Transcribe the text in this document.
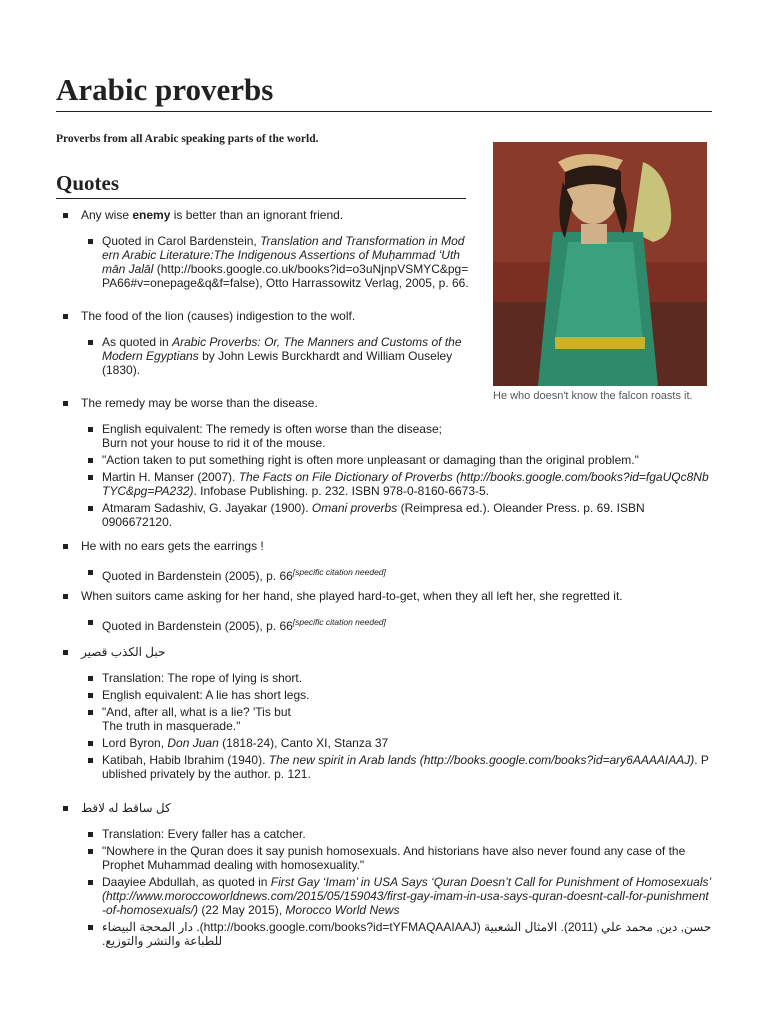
Arabic proverbs

Proverbs from all Arabic speaking parts of the world.

Quotes
He who doesn't know the falcon roasts it.
Any wise enemy is better than an ignorant friend.
Quoted in Carol Bardenstein, Translation and Transformation in Modern Arabic Literature:The Indigenous Assertions of Muḥammad ʻUthmān Jalāl (http://books.google.co.uk/books?id=o3uNjnpVSMYC&pg=PA66#v=onepage&q&f=false), Otto Harrassowitz Verlag, 2005, p. 66.
The food of the lion (causes) indigestion to the wolf.
As quoted in Arabic Proverbs: Or, The Manners and Customs of the Modern Egyptians by John Lewis Burckhardt and William Ouseley (1830).
The remedy may be worse than the disease.
English equivalent: The remedy is often worse than the disease;
Burn not your house to rid it of the mouse.
"Action taken to put something right is often more unpleasant or damaging than the original problem."
Martin H. Manser (2007). The Facts on File Dictionary of Proverbs (http://books.google.com/books?id=fgaUQc8NbTYC&pg=PA232). Infobase Publishing. p. 232. ISBN 978-0-8160-6673-5.
Atmaram Sadashiv, G. Jayakar (1900). Omani proverbs (Reimpresa ed.). Oleander Press. p. 69. ISBN 0906672120.
He with no ears gets the earrings !
Quoted in Bardenstein (2005), p. 66[specific citation needed]
When suitors came asking for her hand, she played hard-to-get, when they all left her, she regretted it.
Quoted in Bardenstein (2005), p. 66[specific citation needed]
حبل الكذب قصير
Translation: The rope of lying is short.
English equivalent: A lie has short legs.
"And, after all, what is a lie? 'Tis but
The truth in masquerade."
Lord Byron, Don Juan (1818-24), Canto XI, Stanza 37
Katibah, Habib Ibrahim (1940). The new spirit in Arab lands (http://books.google.com/books?id=ary6AAAAIAAJ). Published privately by the author. p. 121.
كل ساقط له لاقط
Translation: Every faller has a catcher.
"Nowhere in the Quran does it say punish homosexuals. And historians have also never found any case of the Prophet Muhammad dealing with homosexuality."
Daayiee Abdullah, as quoted in First Gay ‘Imam’ in USA Says ‘Quran Doesn’t Call for Punishment of Homosexuals’ (http://www.moroccoworldnews.com/2015/05/159043/first-gay-imam-in-usa-says-quran-doesnt-call-for-punishment-of-homosexuals/) (22 May 2015), Morocco World News
حسن, دين, محمد علي (2011). الامثال الشعبية (http://books.google.com/books?id=tYFMAQAAIAAJ). دار المحجة البيضاء للطباعة والنشر والتوزيع.
